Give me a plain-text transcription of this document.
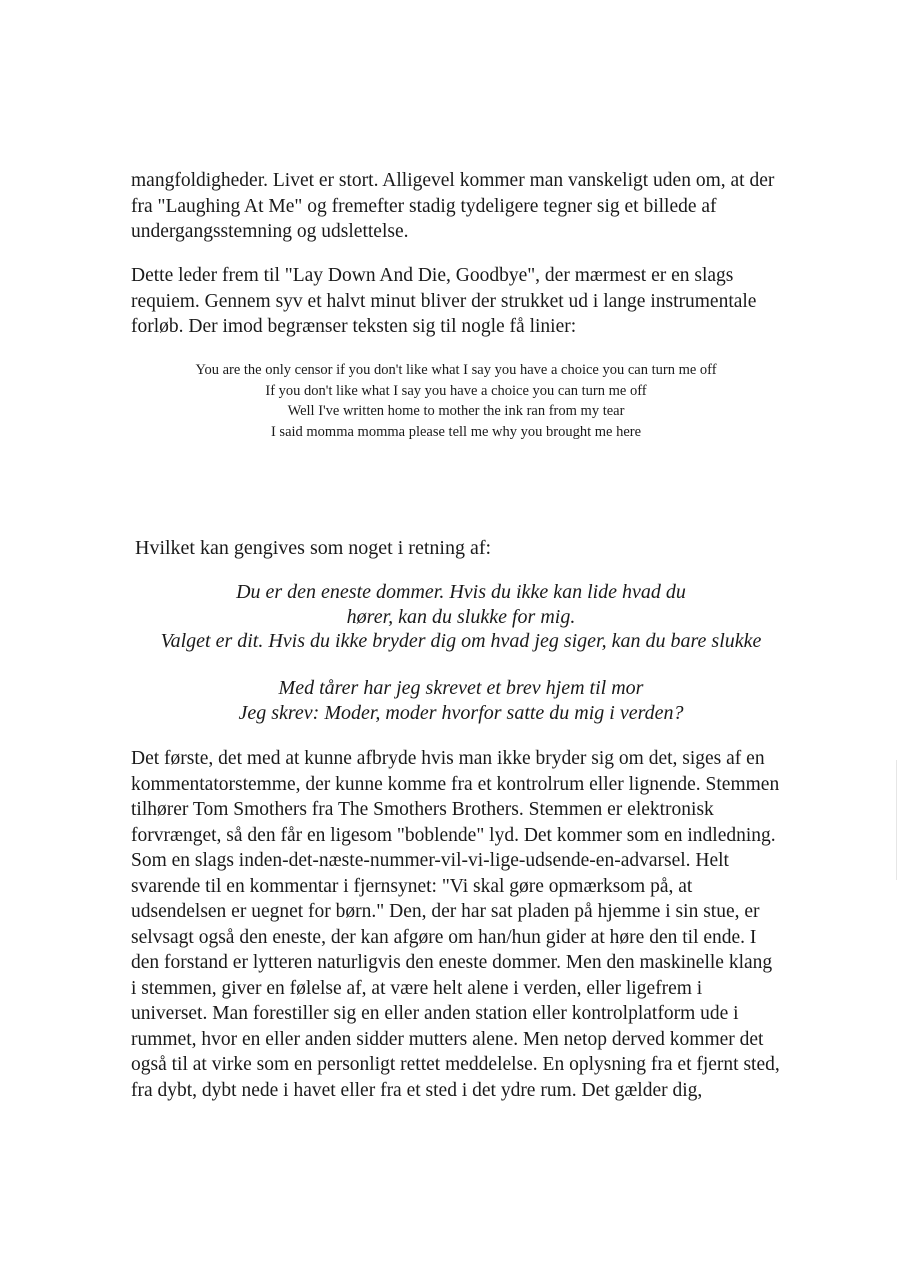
mangfoldigheder. Livet er stort. Alligevel kommer man vanskeligt uden om, at der fra "Laughing At Me" og fremefter stadig tydeligere tegner sig et billede af undergangsstemning og udslettelse.

Dette leder frem til "Lay Down And Die, Goodbye", der mærmest er en slags requiem. Gennem syv et halvt minut bliver der strukket ud i lange instrumentale forløb. Der imod begrænser teksten sig til nogle få linier:

You are the only censor if you don't like what I say you have a choice you can turn me off
If you don't like what I say you have a choice you can turn me off
Well I've written home to mother the ink ran from my tear
I said momma momma please tell me why you brought me here

Hvilket kan gengives som noget i retning af:

Du er den eneste dommer. Hvis du ikke kan lide hvad du hører, kan du slukke for mig.
Valget er dit. Hvis du ikke bryder dig om hvad jeg siger, kan du bare slukke
Med tårer har jeg skrevet et brev hjem til mor
Jeg skrev: Moder, moder hvorfor satte du mig i verden?

Det første, det med at kunne afbryde hvis man ikke bryder sig om det, siges af en kommentatorstemme, der kunne komme fra et kontrolrum eller lignende. Stemmen tilhører Tom Smothers fra The Smothers Brothers. Stemmen er elektronisk forvrænget, så den får en ligesom "boblende" lyd. Det kommer som en indledning. Som en slags inden-det-næste-nummer-vil-vi-lige-udsende-en-advarsel. Helt svarende til en kommentar i fjernsynet: "Vi skal gøre opmærksom på, at udsendelsen er uegnet for børn." Den, der har sat pladen på hjemme i sin stue, er selvsagt også den eneste, der kan afgøre om han/hun gider at høre den til ende. I den forstand er lytteren naturligvis den eneste dommer. Men den maskinelle klang i stemmen, giver en følelse af, at være helt alene i verden, eller ligefrem i universet. Man forestiller sig en eller anden station eller kontrolplatform ude i rummet, hvor en eller anden sidder mutters alene. Men netop derved kommer det også til at virke som en personligt rettet meddelelse. En oplysning fra et fjernt sted, fra dybt, dybt nede i havet eller fra et sted i det ydre rum. Det gælder dig,
